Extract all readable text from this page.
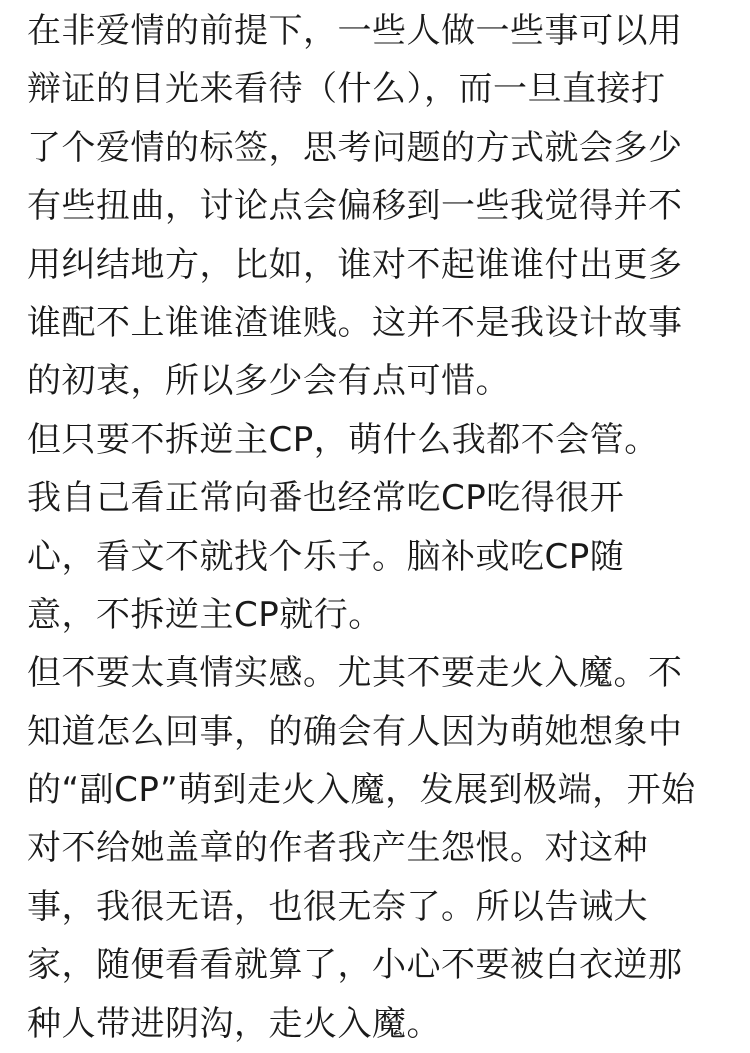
在非爱情的前提下，一些人做一些事可以用
辩证的目光来看待（什么），而一旦直接打
了个爱情的标签，思考问题的方式就会多少
有些扭曲，讨论点会偏移到一些我觉得并不
用纠结地方，比如，谁对不起谁谁付出更多
谁配不上谁谁渣谁贱。这并不是我设计故事
的初衷，所以多少会有点可惜。
但只要不拆逆主CP，萌什么我都不会管。
我自己看正常向番也经常吃CP吃得很开
心，看文不就找个乐子。脑补或吃CP随
意，不拆逆主CP就行。
但不要太真情实感。尤其不要走火入魔。不
知道怎么回事，的确会有人因为萌她想象中
的“副CP”萌到走火入魔，发展到极端，开始
对不给她盖章的作者我产生怨恨。对这种
事，我很无语，也很无奈了。所以告诫大
家，随便看看就算了，小心不要被白衣逆那
种人带进阴沟，走火入魔。
